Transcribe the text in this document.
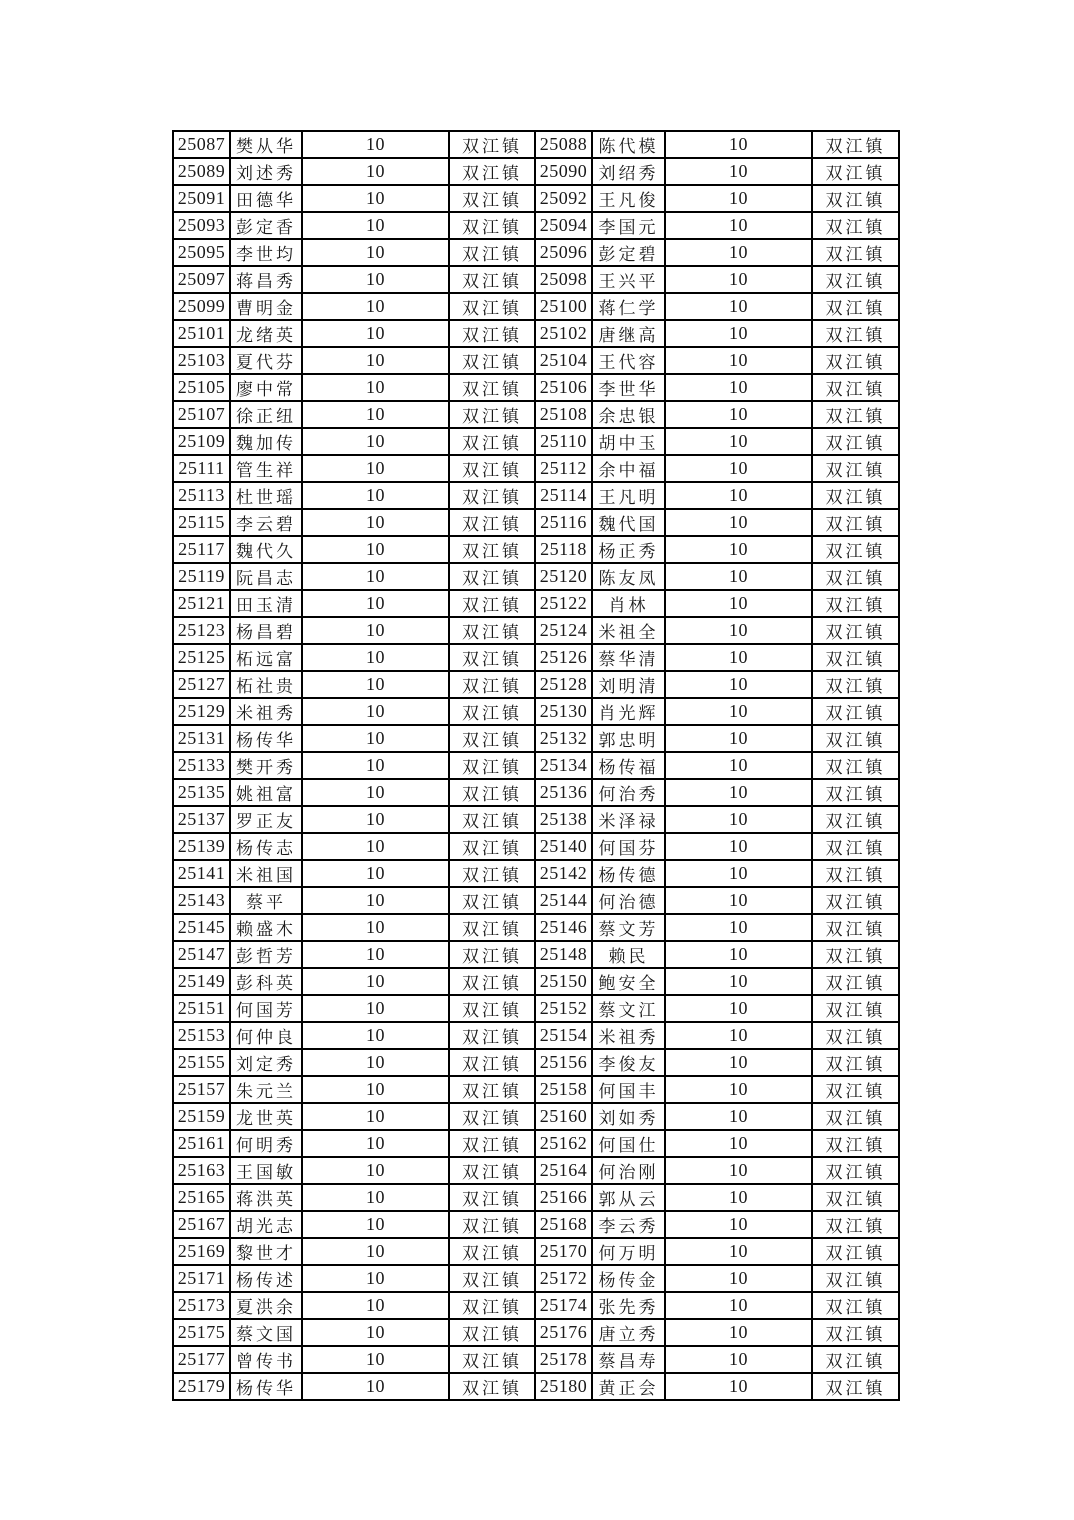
25087	樊从华	10	双江镇	25088	陈代模	10	双江镇
25089	刘述秀	10	双江镇	25090	刘绍秀	10	双江镇
25091	田德华	10	双江镇	25092	王凡俊	10	双江镇
25093	彭定香	10	双江镇	25094	李国元	10	双江镇
25095	李世均	10	双江镇	25096	彭定碧	10	双江镇
25097	蒋昌秀	10	双江镇	25098	王兴平	10	双江镇
25099	曹明金	10	双江镇	25100	蒋仁学	10	双江镇
25101	龙绪英	10	双江镇	25102	唐继高	10	双江镇
25103	夏代芬	10	双江镇	25104	王代容	10	双江镇
25105	廖中常	10	双江镇	25106	李世华	10	双江镇
25107	徐正纽	10	双江镇	25108	余忠银	10	双江镇
25109	魏加传	10	双江镇	25110	胡中玉	10	双江镇
25111	管生祥	10	双江镇	25112	余中福	10	双江镇
25113	杜世瑶	10	双江镇	25114	王凡明	10	双江镇
25115	李云碧	10	双江镇	25116	魏代国	10	双江镇
25117	魏代久	10	双江镇	25118	杨正秀	10	双江镇
25119	阮昌志	10	双江镇	25120	陈友凤	10	双江镇
25121	田玉清	10	双江镇	25122	肖林	10	双江镇
25123	杨昌碧	10	双江镇	25124	米祖全	10	双江镇
25125	柘远富	10	双江镇	25126	蔡华清	10	双江镇
25127	柘社贵	10	双江镇	25128	刘明清	10	双江镇
25129	米祖秀	10	双江镇	25130	肖光辉	10	双江镇
25131	杨传华	10	双江镇	25132	郭忠明	10	双江镇
25133	樊开秀	10	双江镇	25134	杨传福	10	双江镇
25135	姚祖富	10	双江镇	25136	何治秀	10	双江镇
25137	罗正友	10	双江镇	25138	米泽禄	10	双江镇
25139	杨传志	10	双江镇	25140	何国芬	10	双江镇
25141	米祖国	10	双江镇	25142	杨传德	10	双江镇
25143	蔡平	10	双江镇	25144	何治德	10	双江镇
25145	赖盛木	10	双江镇	25146	蔡文芳	10	双江镇
25147	彭哲芳	10	双江镇	25148	赖民	10	双江镇
25149	彭科英	10	双江镇	25150	鲍安全	10	双江镇
25151	何国芳	10	双江镇	25152	蔡文江	10	双江镇
25153	何仲良	10	双江镇	25154	米祖秀	10	双江镇
25155	刘定秀	10	双江镇	25156	李俊友	10	双江镇
25157	朱元兰	10	双江镇	25158	何国丰	10	双江镇
25159	龙世英	10	双江镇	25160	刘如秀	10	双江镇
25161	何明秀	10	双江镇	25162	何国仕	10	双江镇
25163	王国敏	10	双江镇	25164	何治刚	10	双江镇
25165	蒋洪英	10	双江镇	25166	郭从云	10	双江镇
25167	胡光志	10	双江镇	25168	李云秀	10	双江镇
25169	黎世才	10	双江镇	25170	何万明	10	双江镇
25171	杨传述	10	双江镇	25172	杨传金	10	双江镇
25173	夏洪余	10	双江镇	25174	张先秀	10	双江镇
25175	蔡文国	10	双江镇	25176	唐立秀	10	双江镇
25177	曾传书	10	双江镇	25178	蔡昌寿	10	双江镇
25179	杨传华	10	双江镇	25180	黄正会	10	双江镇
